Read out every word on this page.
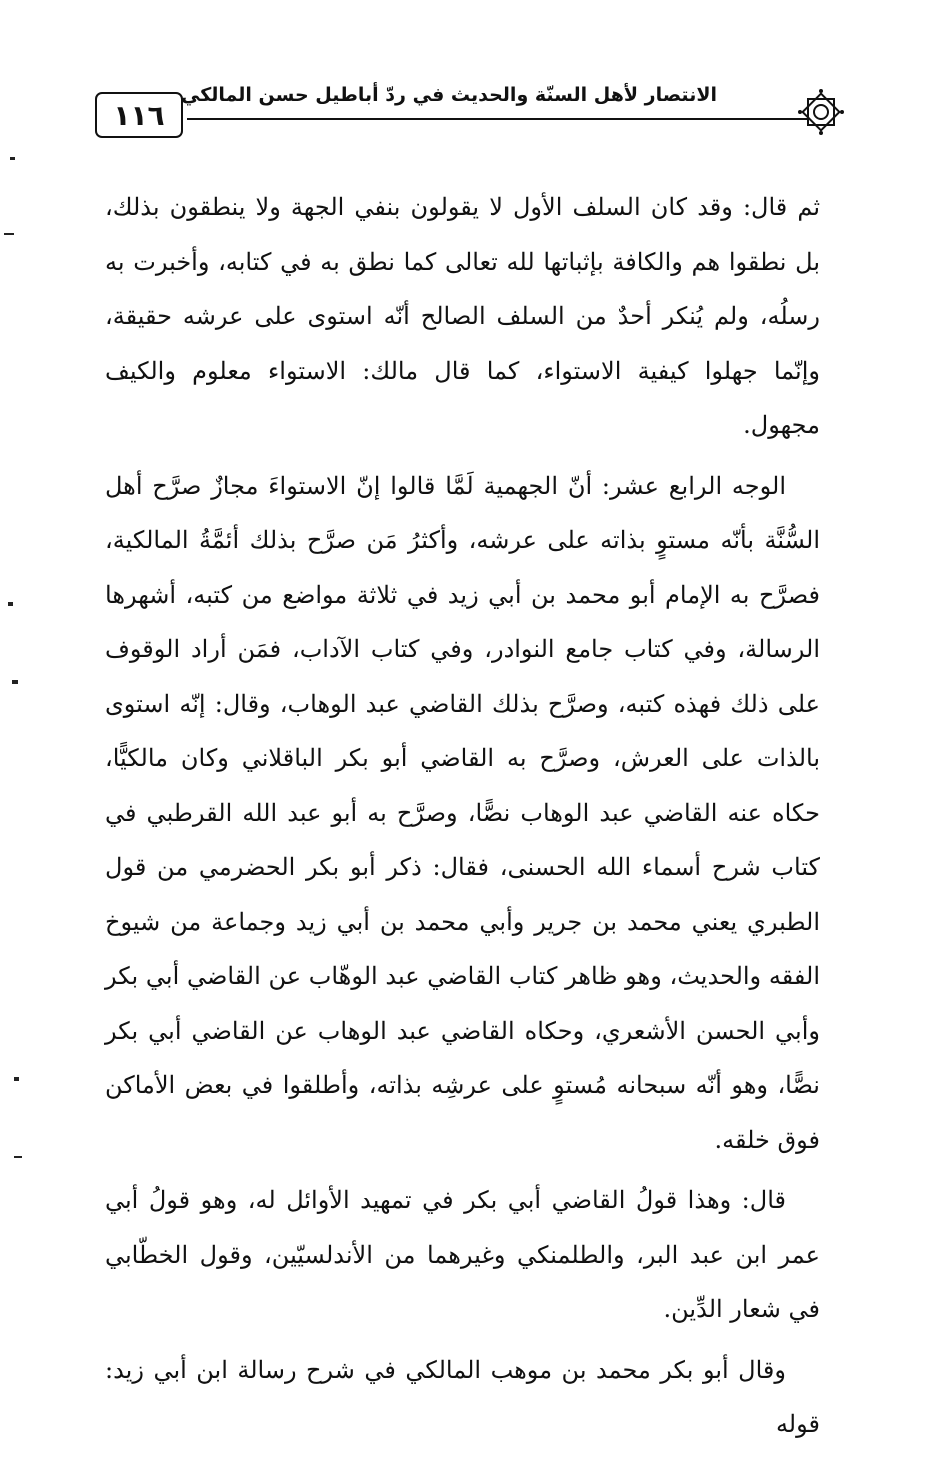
١١٦
الانتصار لأهل السنّة والحديث في ردّ أباطيل حسن المالكي

ثم قال: وقد كان السلف الأول لا يقولون بنفي الجهة ولا ينطقون بذلك، بل نطقوا هم والكافة بإثباتها لله تعالى كما نطق به في كتابه، وأخبرت به رسلُه، ولم يُنكر أحدٌ من السلف الصالح أنّه استوى على عرشه حقيقة، وإنّما جهلوا كيفية الاستواء، كما قال مالك: الاستواء معلوم والكيف مجهول.

الوجه الرابع عشر: أنّ الجهمية لَمَّا قالوا إنّ الاستواءَ مجازٌ صرَّح أهل السُّنَّة بأنّه مستوٍ بذاته على عرشه، وأكثرُ مَن صرَّح بذلك أئمَّةُ المالكية، فصرَّح به الإمام أبو محمد بن أبي زيد في ثلاثة مواضع من كتبه، أشهرها الرسالة، وفي كتاب جامع النوادر، وفي كتاب الآداب، فمَن أراد الوقوف على ذلك فهذه كتبه، وصرَّح بذلك القاضي عبد الوهاب، وقال: إنّه استوى بالذات على العرش، وصرَّح به القاضي أبو بكر الباقلاني وكان مالكيًّا، حكاه عنه القاضي عبد الوهاب نصًّا، وصرَّح به أبو عبد الله القرطبي في كتاب شرح أسماء الله الحسنى، فقال: ذكر أبو بكر الحضرمي من قول الطبري يعني محمد بن جرير وأبي محمد بن أبي زيد وجماعة من شيوخ الفقه والحديث، وهو ظاهر كتاب القاضي عبد الوهّاب عن القاضي أبي بكر وأبي الحسن الأشعري، وحكاه القاضي عبد الوهاب عن القاضي أبي بكر نصًّا، وهو أنّه سبحانه مُستوٍ على عرشِه بذاته، وأطلقوا في بعض الأماكن فوق خلقه.

قال: وهذا قولُ القاضي أبي بكر في تمهيد الأوائل له، وهو قولُ أبي عمر ابن عبد البر، والطلمنكي وغيرهما من الأندلسيّين، وقول الخطّابي في شعار الدِّين.

وقال أبو بكر محمد بن موهب المالكي في شرح رسالة ابن أبي زيد: قوله
